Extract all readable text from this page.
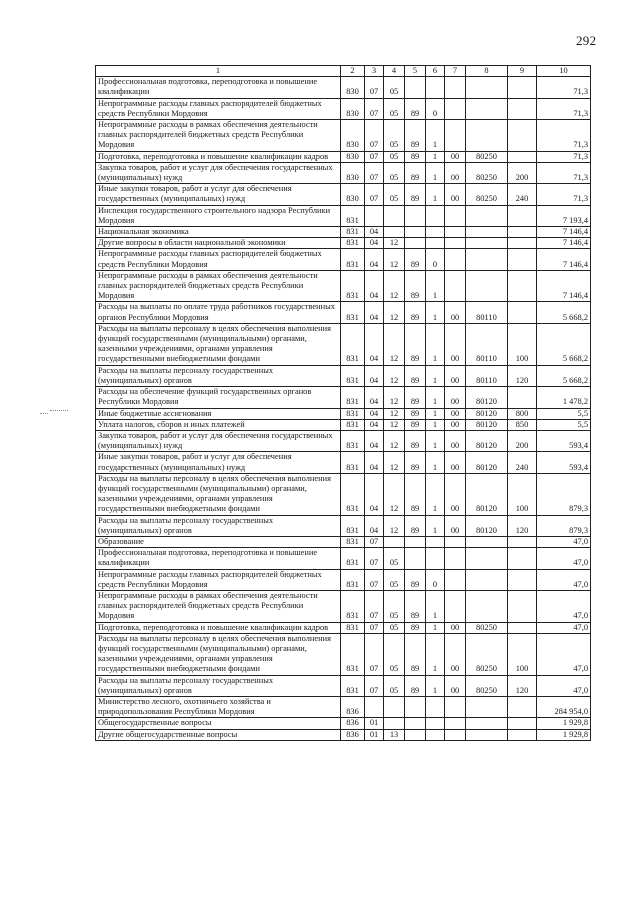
292
1	2	3	4	5	6	7	8	9	10
Профессиональная подготовка, переподготовка и повышение квалификации	830	07	05						71,3
Непрограммные расходы главных распорядителей бюджетных средств Республики Мордовия	830	07	05	89	0				71,3
Непрограммные расходы в рамках обеспечения деятельности главных распорядителей бюджетных средств Республики Мордовия	830	07	05	89	1				71,3
Подготовка, переподготовка и повышение квалификации кадров	830	07	05	89	1	00	80250		71,3
Закупка товаров, работ и услуг для обеспечения государственных (муниципальных) нужд	830	07	05	89	1	00	80250	200	71,3
Иные закупки товаров, работ и услуг для обеспечения государственных (муниципальных) нужд	830	07	05	89	1	00	80250	240	71,3
Инспекция государственного строительного надзора Республики Мордовия	831								7 193,4
Национальная экономика	831	04							7 146,4
Другие вопросы в области национальной экономики	831	04	12						7 146,4
Непрограммные расходы главных распорядителей бюджетных средств Республики Мордовия	831	04	12	89	0				7 146,4
Непрограммные расходы в рамках обеспечения деятельности главных распорядителей бюджетных средств Республики Мордовия	831	04	12	89	1				7 146,4
Расходы на выплаты по оплате труда работников государственных органов Республики Мордовия	831	04	12	89	1	00	80110		5 668,2
Расходы на выплаты персоналу в целях обеспечения выполнения функций государственными (муниципальными) органами, казенными учреждениями, органами управления государственными внебюджетными фондами	831	04	12	89	1	00	80110	100	5 668,2
Расходы на выплаты персоналу государственных (муниципальных) органов	831	04	12	89	1	00	80110	120	5 668,2
Расходы на обеспечение функций государственных органов Республики Мордовия	831	04	12	89	1	00	80120		1 478,2
Иные бюджетные ассигнования	831	04	12	89	1	00	80120	800	5,5
Уплата налогов, сборов и иных платежей	831	04	12	89	1	00	80120	850	5,5
Закупка товаров, работ и услуг для обеспечения государственных (муниципальных) нужд	831	04	12	89	1	00	80120	200	593,4
Иные закупки товаров, работ и услуг для обеспечения государственных (муниципальных) нужд	831	04	12	89	1	00	80120	240	593,4
Расходы на выплаты персоналу в целях обеспечения выполнения функций государственными (муниципальными) органами, казенными учреждениями, органами управления государственными внебюджетными фондами	831	04	12	89	1	00	80120	100	879,3
Расходы на выплаты персоналу государственных (муниципальных) органов	831	04	12	89	1	00	80120	120	879,3
Образование	831	07							47,0
Профессиональная подготовка, переподготовка и повышение квалификации	831	07	05						47,0
Непрограммные расходы главных распорядителей бюджетных средств Республики Мордовия	831	07	05	89	0				47,0
Непрограммные расходы в рамках обеспечения деятельности главных распорядителей бюджетных средств Республики Мордовия	831	07	05	89	1				47,0
Подготовка, переподготовка и повышение квалификации кадров	831	07	05	89	1	00	80250		47,0
Расходы на выплаты персоналу в целях обеспечения выполнения функций государственными (муниципальными) органами, казенными учреждениями, органами управления государственными внебюджетными фондами	831	07	05	89	1	00	80250	100	47,0
Расходы на выплаты персоналу государственных (муниципальных) органов	831	07	05	89	1	00	80250	120	47,0
Министерство лесного, охотничьего хозяйства и природопользования Республики Мордовия	836								284 954,0
Общегосударственные вопросы	836	01							1 929,8
Другие общегосударственные вопросы	836	01	13						1 929,8
